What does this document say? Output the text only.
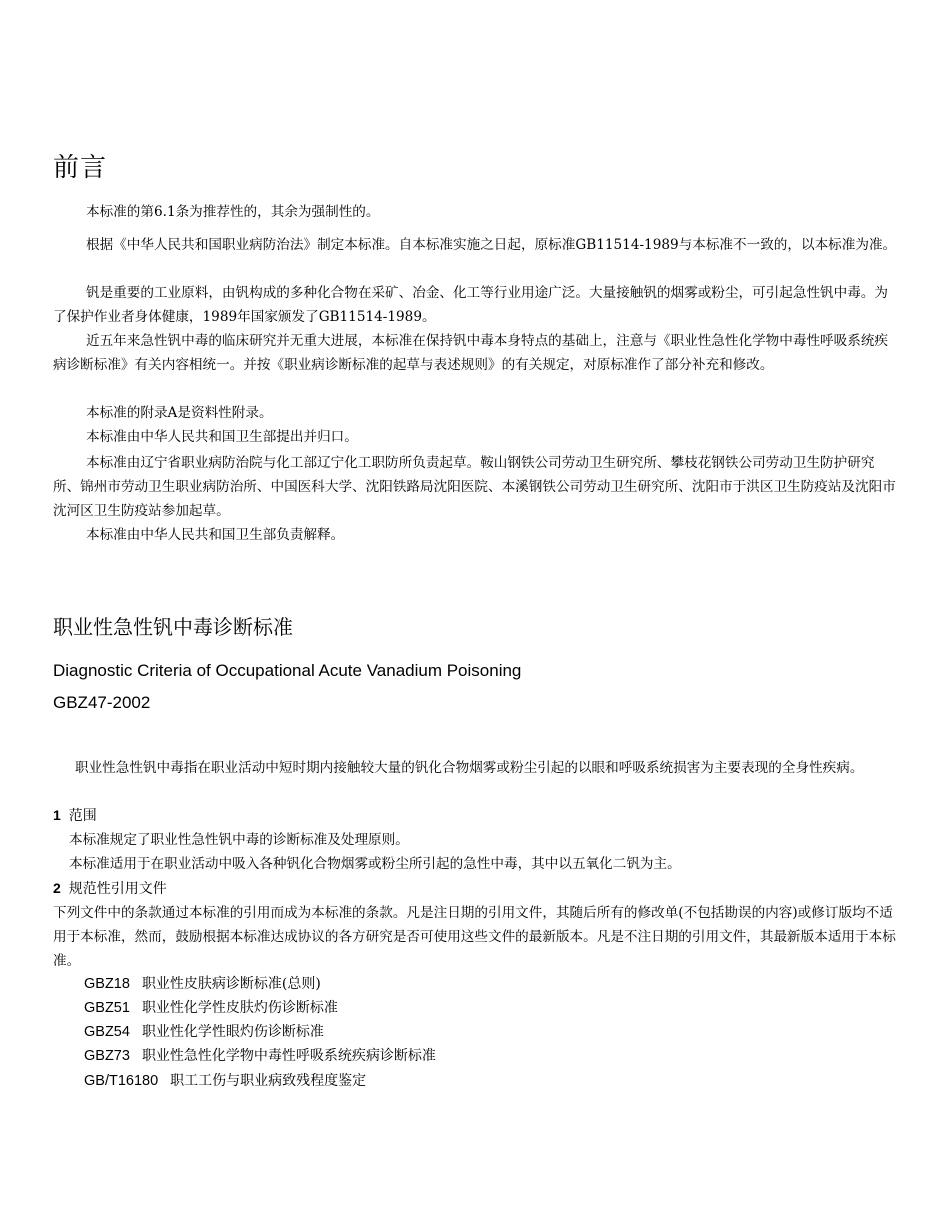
前言

本标准的第6.1条为推荐性的，其余为强制性的。

根据《中华人民共和国职业病防治法》制定本标准。自本标准实施之日起，原标准GB11514-1989与本标准不一致的，以本标准为准。

钒是重要的工业原料，由钒构成的多种化合物在采矿、冶金、化工等行业用途广泛。大量接触钒的烟雾或粉尘，可引起急性钒中毒。为了保护作业者身体健康，1989年国家颁发了GB11514-1989。

近五年来急性钒中毒的临床研究并无重大进展，本标准在保持钒中毒本身特点的基础上，注意与《职业性急性化学物中毒性呼吸系统疾病诊断标准》有关内容相统一。并按《职业病诊断标准的起草与表述规则》的有关规定，对原标准作了部分补充和修改。

本标准的附录A是资料性附录。

本标准由中华人民共和国卫生部提出并归口。

本标准由辽宁省职业病防治院与化工部辽宁化工职防所负责起草。鞍山钢铁公司劳动卫生研究所、攀枝花钢铁公司劳动卫生防护研究所、锦州市劳动卫生职业病防治所、中国医科大学、沈阳铁路局沈阳医院、本溪钢铁公司劳动卫生研究所、沈阳市于洪区卫生防疫站及沈阳市沈河区卫生防疫站参加起草。

本标准由中华人民共和国卫生部负责解释。

职业性急性钒中毒诊断标准
Diagnostic Criteria of Occupational Acute Vanadium Poisoning
GBZ47-2002

职业性急性钒中毒指在职业活动中短时期内接触较大量的钒化合物烟雾或粉尘引起的以眼和呼吸系统损害为主要表现的全身性疾病。

1 范围

本标准规定了职业性急性钒中毒的诊断标准及处理原则。

本标准适用于在职业活动中吸入各种钒化合物烟雾或粉尘所引起的急性中毒，其中以五氧化二钒为主。

2 规范性引用文件

下列文件中的条款通过本标准的引用而成为本标准的条款。凡是注日期的引用文件，其随后所有的修改单(不包括勘误的内容)或修订版均不适用于本标准，然而，鼓励根据本标准达成协议的各方研究是否可使用这些文件的最新版本。凡是不注日期的引用文件，其最新版本适用于本标准。

GBZ18 职业性皮肤病诊断标准(总则)
GBZ51 职业性化学性皮肤灼伤诊断标准
GBZ54 职业性化学性眼灼伤诊断标准
GBZ73 职业性急性化学物中毒性呼吸系统疾病诊断标准
GB/T16180 职工工伤与职业病致残程度鉴定
